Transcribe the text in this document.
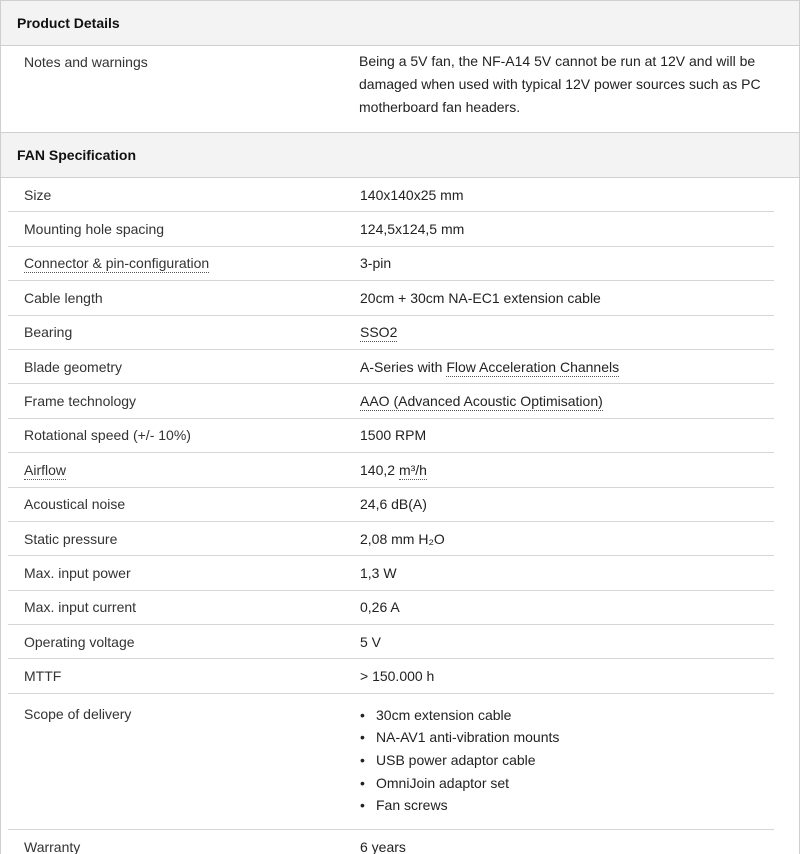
Product Details
Notes and warnings	Being a 5V fan, the NF-A14 5V cannot be run at 12V and will be damaged when used with typical 12V power sources such as PC motherboard fan headers.
FAN Specification
Size	140x140x25 mm
Mounting hole spacing	124,5x124,5 mm
Connector & pin-configuration	3-pin
Cable length	20cm + 30cm NA-EC1 extension cable
Bearing	SSO2
Blade geometry	A-Series with Flow Acceleration Channels
Frame technology	AAO (Advanced Acoustic Optimisation)
Rotational speed (+/- 10%)	1500 RPM
Airflow	140,2 m³/h
Acoustical noise	24,6 dB(A)
Static pressure	2,08 mm H₂O
Max. input power	1,3 W
Max. input current	0,26 A
Operating voltage	5 V
MTTF	> 150.000 h
Scope of delivery
•	30cm extension cable
• NA-AV1 anti-vibration mounts
• USB power adaptor cable
• OmniJoin adaptor set
• Fan screws
Warranty	6 years
